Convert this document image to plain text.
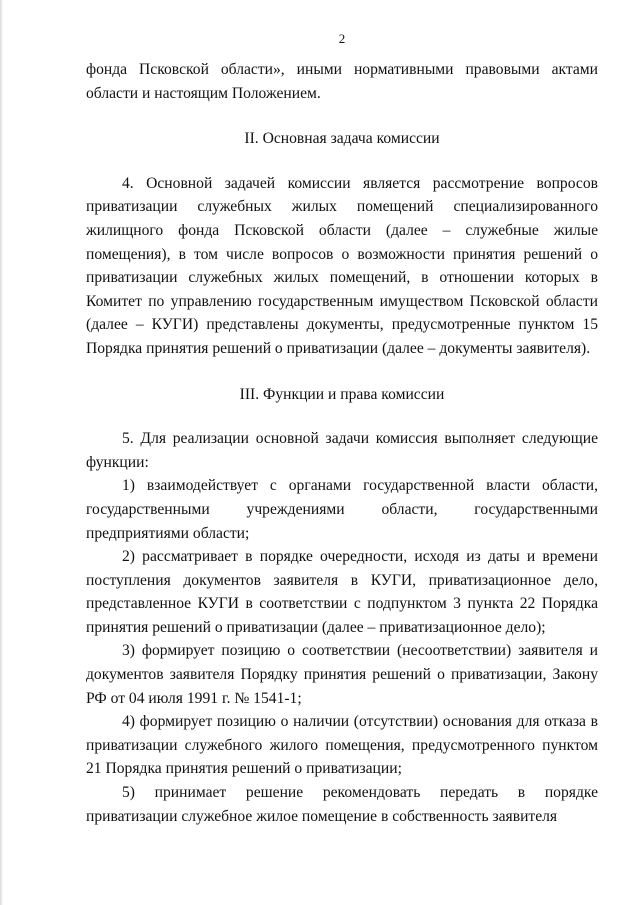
2

фонда Псковской области», иными нормативными правовыми актами области и настоящим Положением.

II. Основная задача комиссии

4. Основной задачей комиссии является рассмотрение вопросов приватизации служебных жилых помещений специализированного жилищного фонда Псковской области (далее – служебные жилые помещения), в том числе вопросов о возможности принятия решений о приватизации служебных жилых помещений, в отношении которых в Комитет по управлению государственным имуществом Псковской области (далее – КУГИ) представлены документы, предусмотренные пунктом 15 Порядка принятия решений о приватизации (далее – документы заявителя).

III. Функции и права комиссии

5. Для реализации основной задачи комиссия выполняет следующие функции:

1) взаимодействует с органами государственной власти области, государственными учреждениями области, государственными предприятиями области;

2) рассматривает в порядке очередности, исходя из даты и времени поступления документов заявителя в КУГИ, приватизационное дело, представленное КУГИ в соответствии с подпунктом 3 пункта 22 Порядка принятия решений о приватизации (далее – приватизационное дело);

3) формирует позицию о соответствии (несоответствии) заявителя и документов заявителя Порядку принятия решений о приватизации, Закону РФ от 04 июля 1991 г. № 1541-1;

4) формирует позицию о наличии (отсутствии) основания для отказа в приватизации служебного жилого помещения, предусмотренного пунктом 21 Порядка принятия решений о приватизации;

5) принимает решение рекомендовать передать в порядке приватизации служебное жилое помещение в собственность заявителя
